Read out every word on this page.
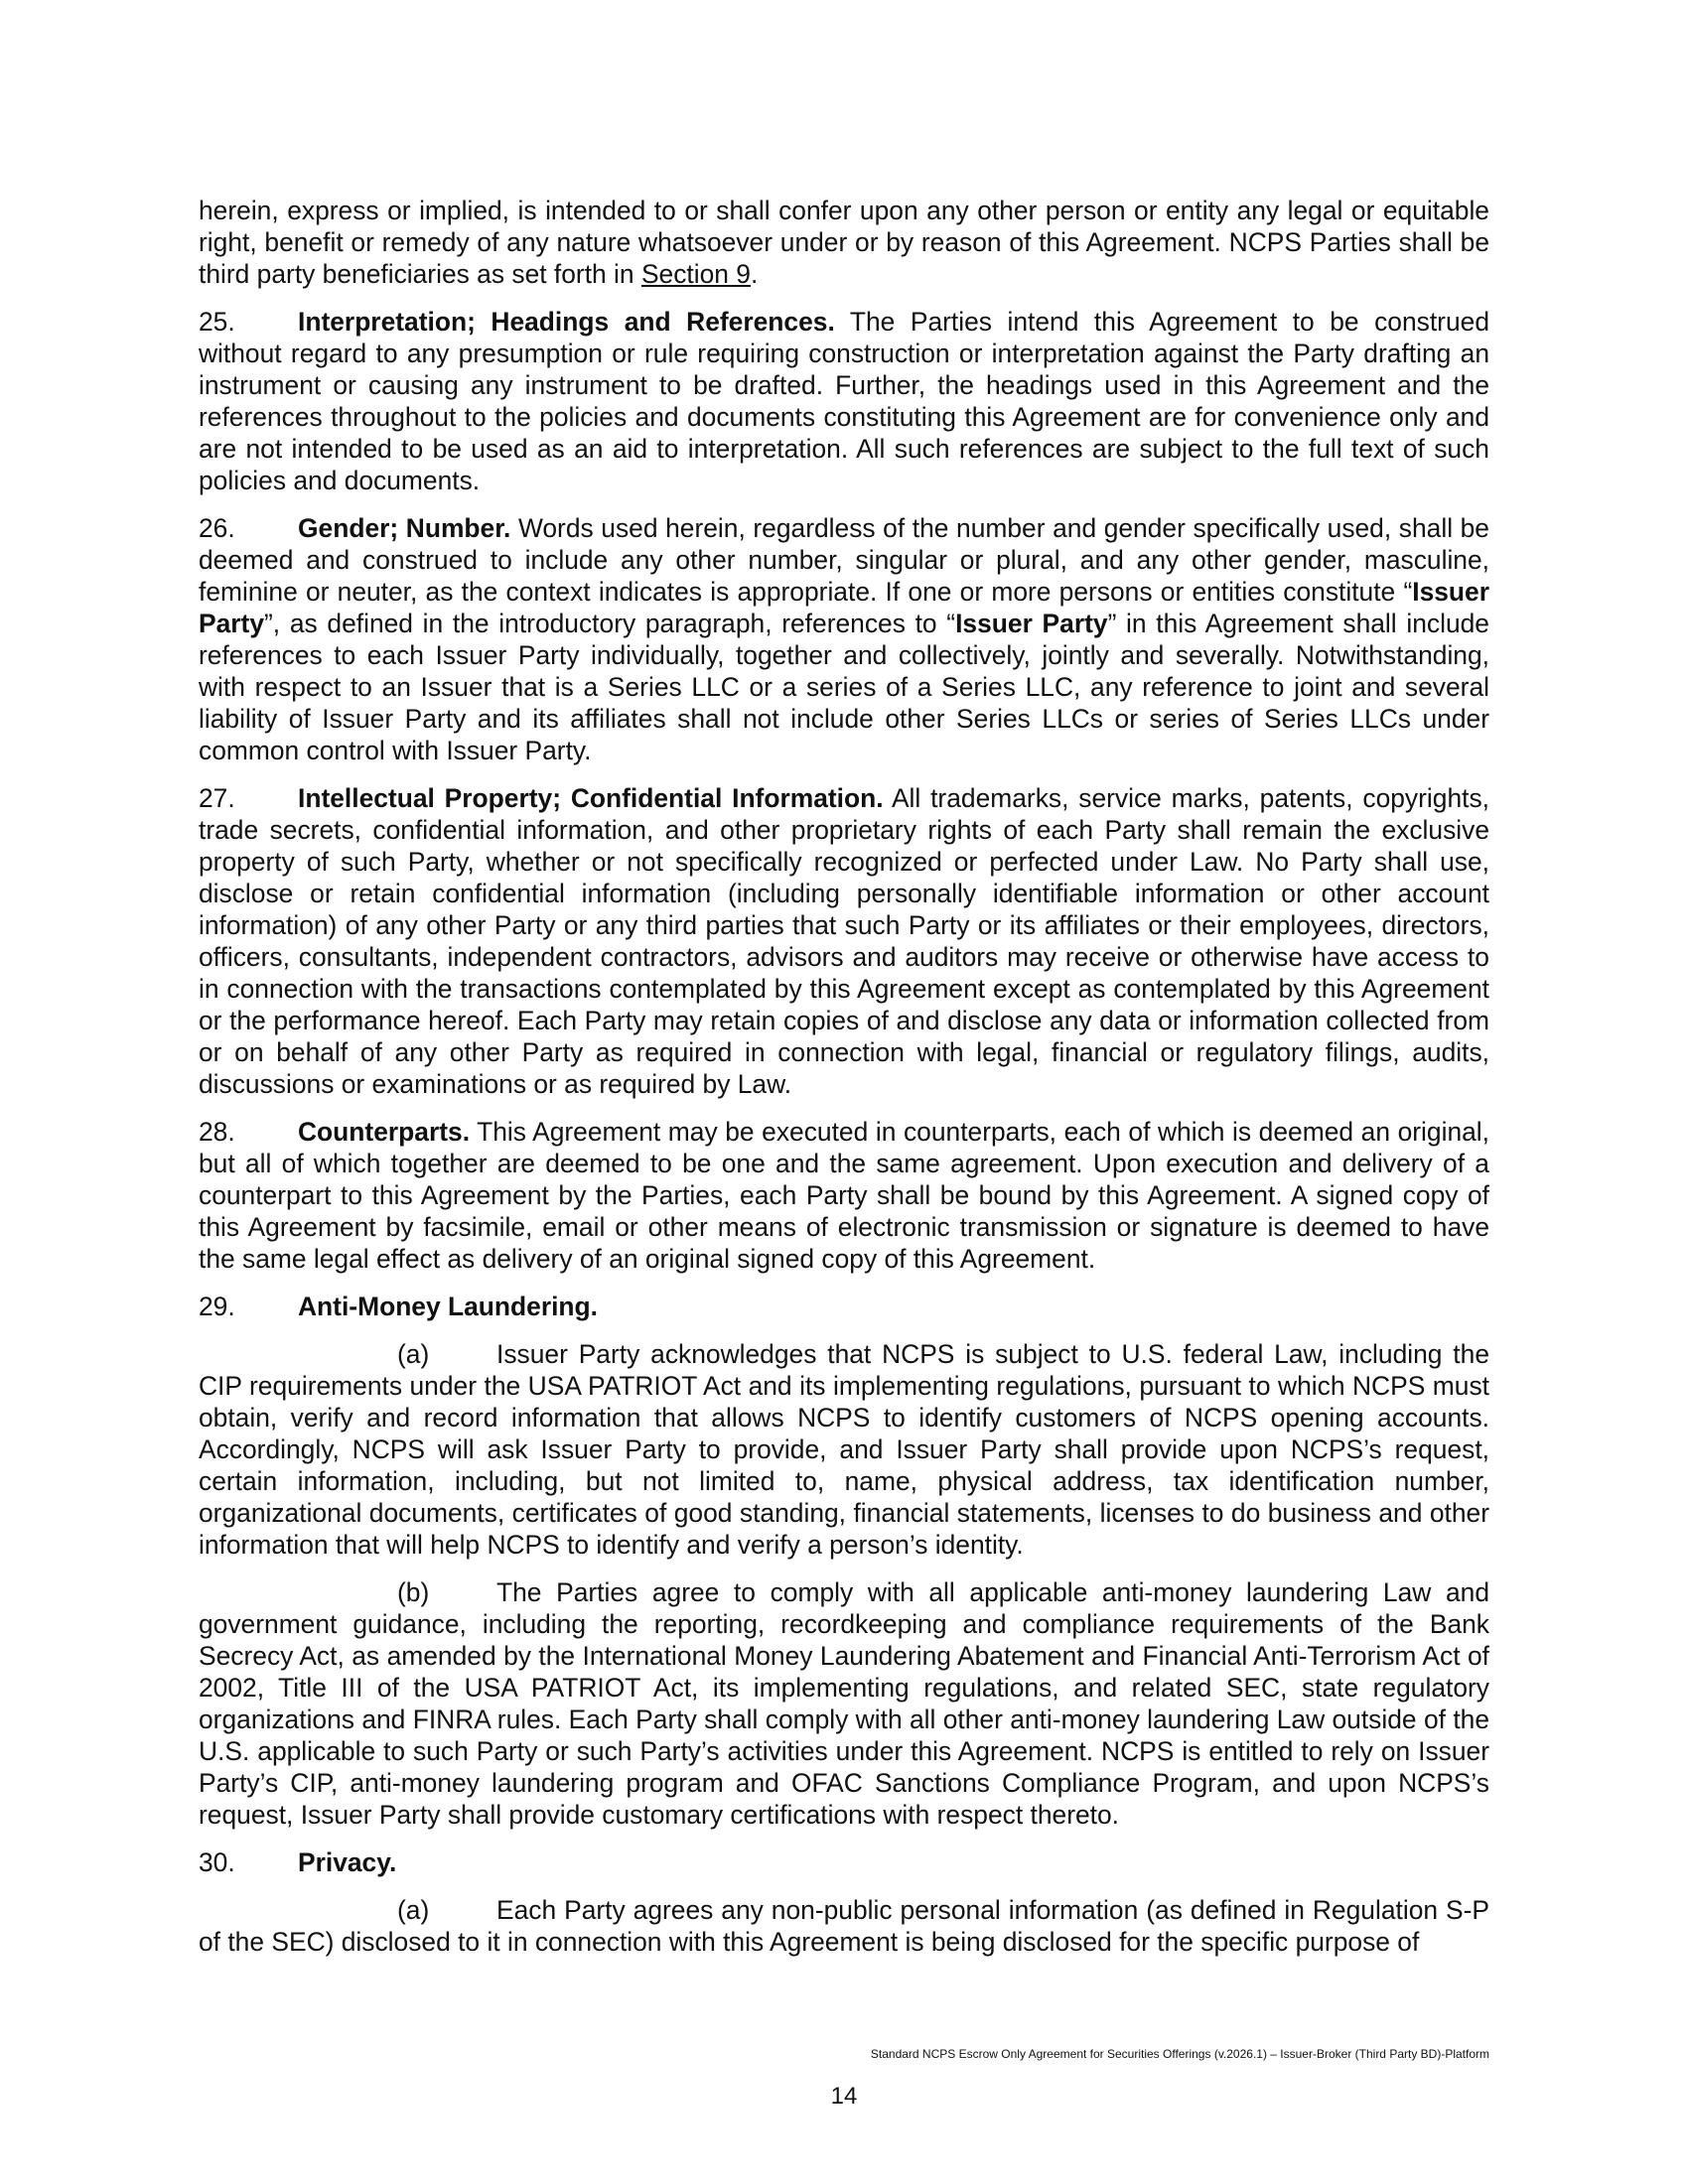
herein, express or implied, is intended to or shall confer upon any other person or entity any legal or equitable right, benefit or remedy of any nature whatsoever under or by reason of this Agreement. NCPS Parties shall be third party beneficiaries as set forth in Section 9.

25. Interpretation; Headings and References. The Parties intend this Agreement to be construed without regard to any presumption or rule requiring construction or interpretation against the Party drafting an instrument or causing any instrument to be drafted. Further, the headings used in this Agreement and the references throughout to the policies and documents constituting this Agreement are for convenience only and are not intended to be used as an aid to interpretation. All such references are subject to the full text of such policies and documents.

26. Gender; Number. Words used herein, regardless of the number and gender specifically used, shall be deemed and construed to include any other number, singular or plural, and any other gender, masculine, feminine or neuter, as the context indicates is appropriate. If one or more persons or entities constitute “Issuer Party”, as defined in the introductory paragraph, references to “Issuer Party” in this Agreement shall include references to each Issuer Party individually, together and collectively, jointly and severally. Notwithstanding, with respect to an Issuer that is a Series LLC or a series of a Series LLC, any reference to joint and several liability of Issuer Party and its affiliates shall not include other Series LLCs or series of Series LLCs under common control with Issuer Party.

27. Intellectual Property; Confidential Information. All trademarks, service marks, patents, copyrights, trade secrets, confidential information, and other proprietary rights of each Party shall remain the exclusive property of such Party, whether or not specifically recognized or perfected under Law. No Party shall use, disclose or retain confidential information (including personally identifiable information or other account information) of any other Party or any third parties that such Party or its affiliates or their employees, directors, officers, consultants, independent contractors, advisors and auditors may receive or otherwise have access to in connection with the transactions contemplated by this Agreement except as contemplated by this Agreement or the performance hereof. Each Party may retain copies of and disclose any data or information collected from or on behalf of any other Party as required in connection with legal, financial or regulatory filings, audits, discussions or examinations or as required by Law.

28. Counterparts. This Agreement may be executed in counterparts, each of which is deemed an original, but all of which together are deemed to be one and the same agreement. Upon execution and delivery of a counterpart to this Agreement by the Parties, each Party shall be bound by this Agreement. A signed copy of this Agreement by facsimile, email or other means of electronic transmission or signature is deemed to have the same legal effect as delivery of an original signed copy of this Agreement.

29. Anti-Money Laundering.

(a)	Issuer Party acknowledges that NCPS is subject to U.S. federal Law, including the CIP requirements under the USA PATRIOT Act and its implementing regulations, pursuant to which NCPS must obtain, verify and record information that allows NCPS to identify customers of NCPS opening accounts. Accordingly, NCPS will ask Issuer Party to provide, and Issuer Party shall provide upon NCPS’s request, certain information, including, but not limited to, name, physical address, tax identification number, organizational documents, certificates of good standing, financial statements, licenses to do business and other information that will help NCPS to identify and verify a person’s identity.

(b)	The Parties agree to comply with all applicable anti-money laundering Law and government guidance, including the reporting, recordkeeping and compliance requirements of the Bank Secrecy Act, as amended by the International Money Laundering Abatement and Financial Anti-Terrorism Act of 2002, Title III of the USA PATRIOT Act, its implementing regulations, and related SEC, state regulatory organizations and FINRA rules. Each Party shall comply with all other anti-money laundering Law outside of the U.S. applicable to such Party or such Party’s activities under this Agreement. NCPS is entitled to rely on Issuer Party’s CIP, anti-money laundering program and OFAC Sanctions Compliance Program, and upon NCPS’s request, Issuer Party shall provide customary certifications with respect thereto.

30. Privacy.

(a)	Each Party agrees any non-public personal information (as defined in Regulation S-P of the SEC) disclosed to it in connection with this Agreement is being disclosed for the specific purpose of

Standard NCPS Escrow Only Agreement for Securities Offerings (v.2026.1) – Issuer-Broker (Third Party BD)-Platform
14
